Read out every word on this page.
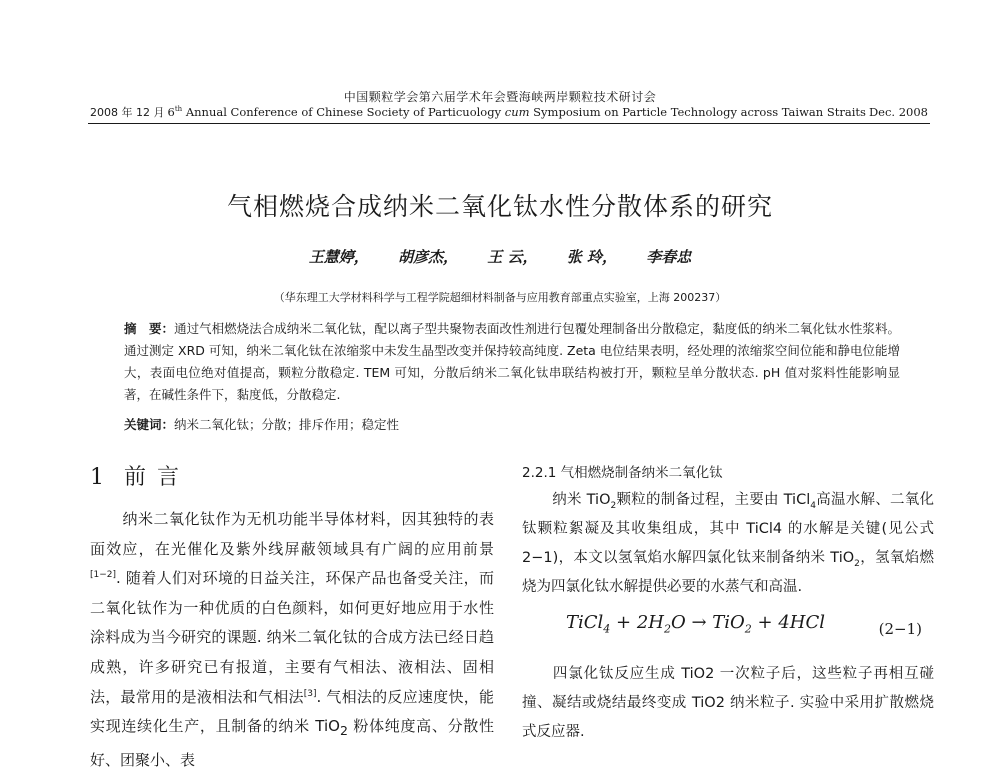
中国颗粒学会第六届学术年会暨海峡两岸颗粒技术研讨会
2008 年 12 月 6th Annual Conference of Chinese Society of Particuology cum Symposium on Particle Technology across Taiwan Straits Dec. 2008
气相燃烧合成纳米二氧化钛水性分散体系的研究
王慧婷， 胡彦杰， 王 云， 张 玲， 李春忠
（华东理工大学材料科学与工程学院超细材料制备与应用教育部重点实验室，上海 200237）
摘　要：通过气相燃烧法合成纳米二氧化钛，配以离子型共聚物表面改性剂进行包覆处理制备出分散稳定，黏度低的纳米二氧化钛水性浆料。通过测定 XRD 可知，纳米二氧化钛在浓缩浆中未发生晶型改变并保持较高纯度. Zeta 电位结果表明，经处理的浓缩浆空间位能和静电位能增大，表面电位绝对值提高，颗粒分散稳定. TEM 可知，分散后纳米二氧化钛串联结构被打开，颗粒呈单分散状态. pH 值对浆料性能影响显著，在碱性条件下，黏度低，分散稳定.
关键词：纳米二氧化钛；分散；排斥作用；稳定性
1 前 言
纳米二氧化钛作为无机功能半导体材料，因其独特的表面效应，在光催化及紫外线屏蔽领域具有广阔的应用前景[1−2]. 随着人们对环境的日益关注，环保产品也备受关注，而二氧化钛作为一种优质的白色颜料，如何更好地应用于水性涂料成为当今研究的课题. 纳米二氧化钛的合成方法已经日趋成熟，许多研究已有报道，主要有气相法、液相法、固相法，最常用的是液相法和气相法[3]. 气相法的反应速度快，能实现连续化生产，且制备的纳米 TiO$_2$ 粉体纯度高、分散性好、团聚小、表
2.2.1 气相燃烧制备纳米二氧化钛
纳米 TiO$_2$颗粒的制备过程，主要由 TiCl$_4$高温水解、二氧化钛颗粒絮凝及其收集组成，其中 TiCl4 的水解是关键(见公式 2−1)，本文以氢氧焰水解四氯化钛来制备纳米 TiO$_2$，氢氧焰燃烧为四氯化钛水解提供必要的水蒸气和高温.
TiCl$_4$ + $2H_2O \to TiO_2 + 4HCl$	(2−1)
四氯化钛反应生成 TiO2 一次粒子后，这些粒子再相互碰撞、凝结或烧结最终变成 TiO2 纳米粒子. 实验中采用扩散燃烧式反应器.
